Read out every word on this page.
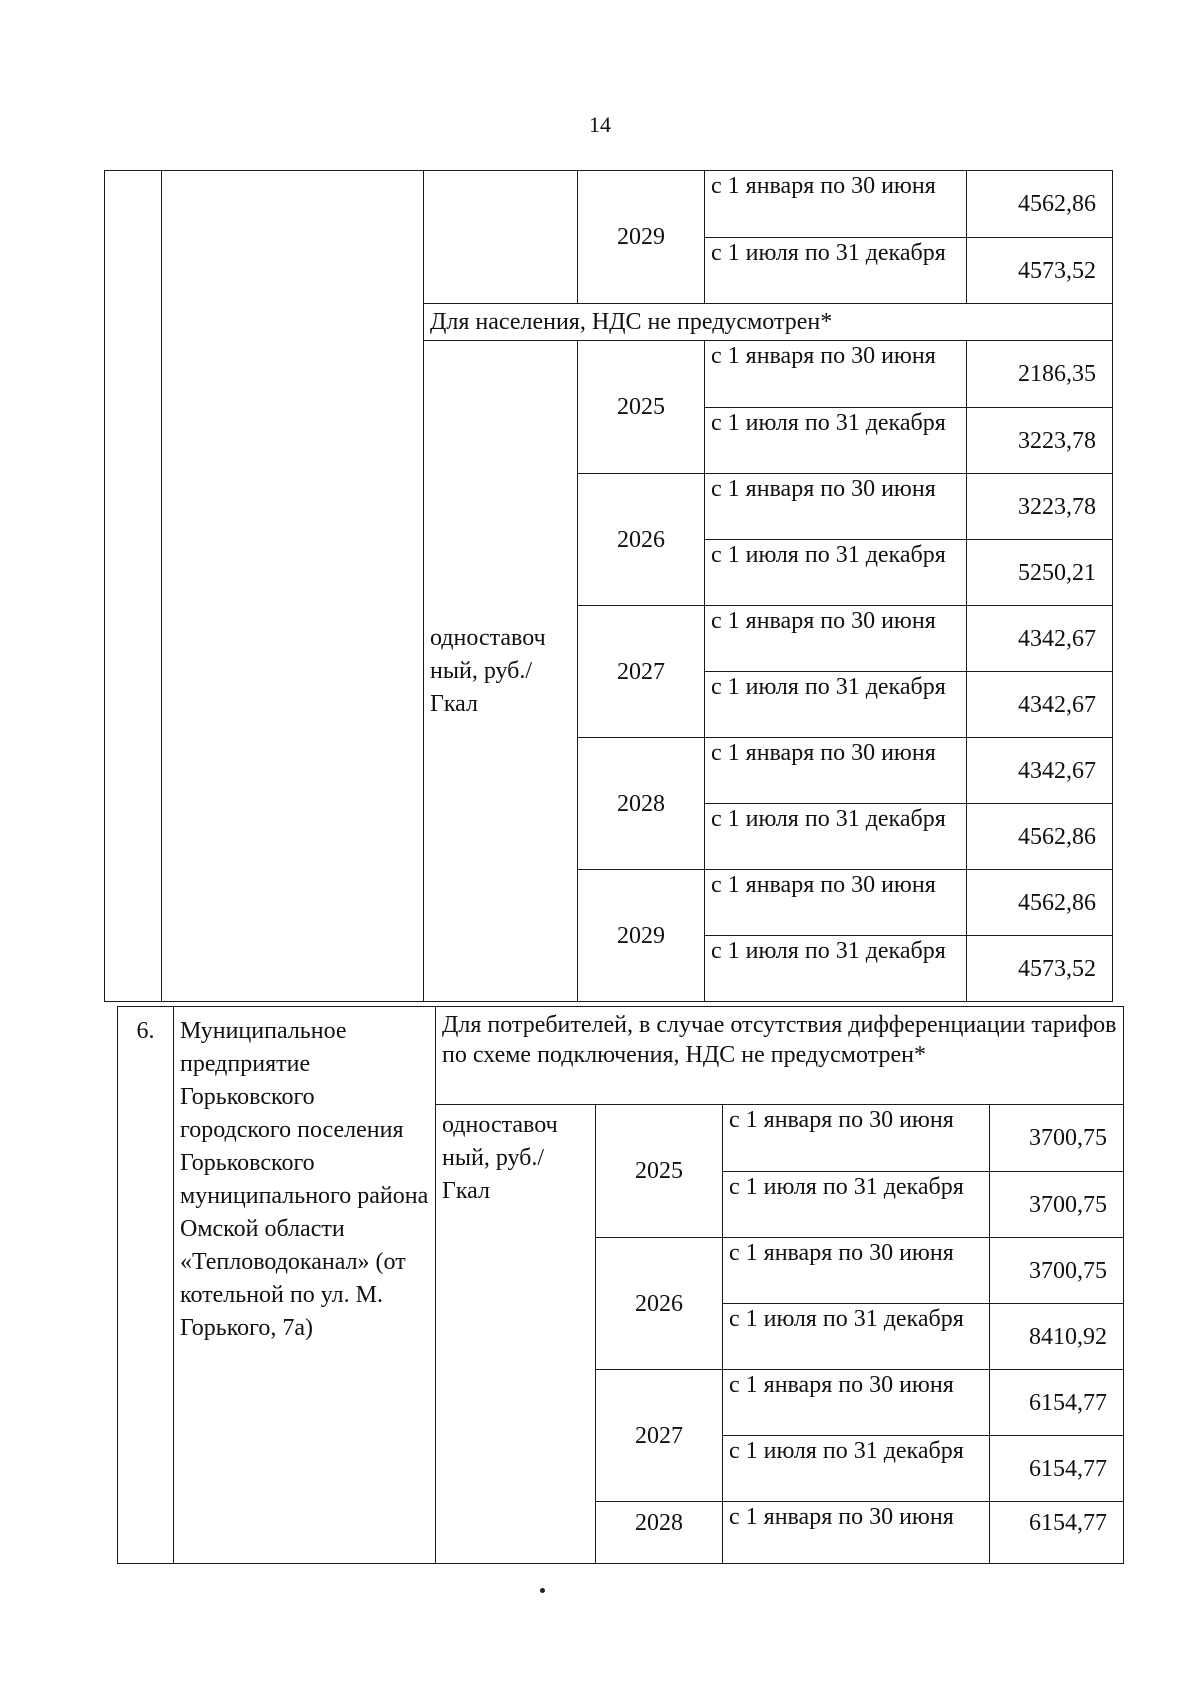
14
			2029	с 1 января по 30 июня	4562,86
				с 1 июля по 31 декабря	4573,52
		Для населения, НДС не предусмотрен*			
		одноставоч ный, руб./Гкал	2025	с 1 января по 30 июня	2186,35
				с 1 июля по 31 декабря	3223,78
			2026	с 1 января по 30 июня	3223,78
				с 1 июля по 31 декабря	5250,21
			2027	с 1 января по 30 июня	4342,67
				с 1 июля по 31 декабря	4342,67
			2028	с 1 января по 30 июня	4342,67
				с 1 июля по 31 декабря	4562,86
			2029	с 1 января по 30 июня	4562,86
				с 1 июля по 31 декабря	4573,52
6.	Муниципальное предприятие Горьковского городского поселения Горьковского муниципального района Омской области «Тепловодоканал» (от котельной по ул. М. Горького, 7а)	Для потребителей, в случае отсутствия дифференциации тарифов по схеме подключения, НДС не предусмотрен*			
		одноставоч ный, руб./Гкал	2025	с 1 января по 30 июня	3700,75
				с 1 июля по 31 декабря	3700,75
			2026	с 1 января по 30 июня	3700,75
				с 1 июля по 31 декабря	8410,92
			2027	с 1 января по 30 июня	6154,77
				с 1 июля по 31 декабря	6154,77
			2028	с 1 января по 30 июня	6154,77
